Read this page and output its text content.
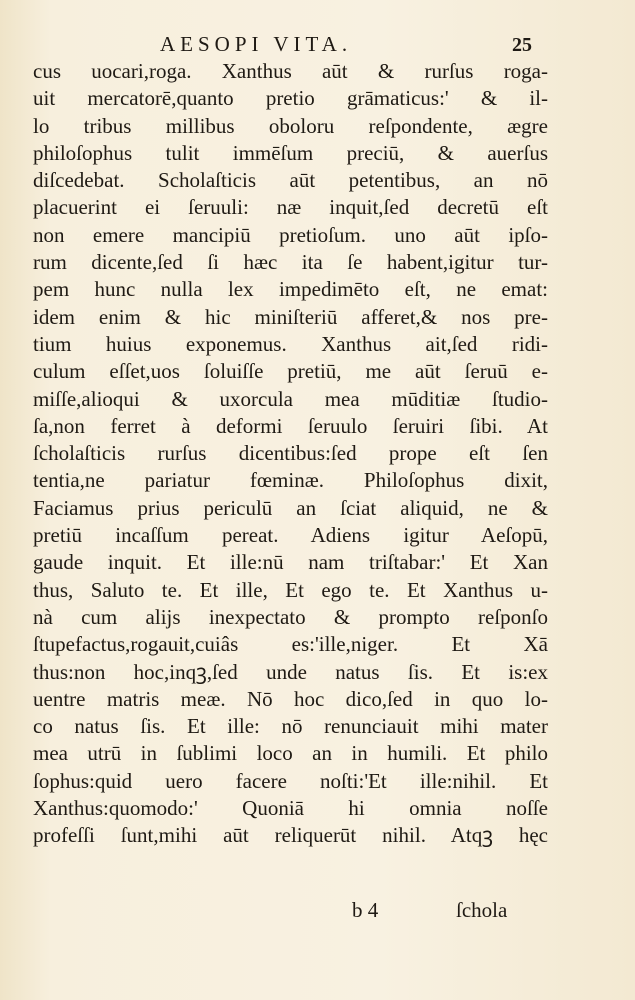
AESOPI VITA.	25
cus uocari,roga. Xanthus aūt & rurſus rogа-
uit mercatorē,quanto pretio grāmaticus:' & il-
lo tribus millibus oboloru reſpondente, ægre
philoſophus tulit immēſum preciū, & auerſus
diſcedebat. Scholaſticis aūt petentibus, an nō
placuerint ei ſeruuli: næ inquit,ſed decretū eſt
non emere mancipiū pretioſum. uno aūt ipſo-
rum dicente,ſed ſi hæc ita ſe habent,igitur tur-
pem hunc nulla lex impedimēto eſt, ne emat:
idem enim & hic miniſteriū afferet,& nos pre-
tium huius exponemus. Xanthus ait,ſed ridi-
culum eſſet,uos ſoluiſſe pretiū, me aūt ſeruū e-
miſſe,alioqui & uxorcula mea mūditiæ ſtudio-
ſa,non ferret à deformi ſeruulo ſeruiri ſibi. At
ſcholaſticis rurſus dicentibus:ſed prope eſt ſen
tentia,ne pariatur fœminæ. Philoſophus dixit,
Faciamus prius periculū an ſciat aliquid, ne &
pretiū incaſſum pereat. Adiens igitur Aeſopū,
gaude inquit. Et ille:nū nam triſtabar:' Et Xan
thus, Saluto te. Et ille, Et ego te. Et Xanthus u-
nà cum alijs inexpectato & prompto reſponſo
ſtupefactus,rogauit,cuiâs es:'ille,niger. Et Xā
thus:non hoc,inqꝫ,ſed unde natus ſis. Et is:ex
uentre matris meæ. Nō hoc dico,ſed in quo lo-
co natus ſis. Et ille: nō renunciauit mihi mater
mea utrū in ſublimi loco an in humili. Et philo
ſophus:quid uero facere noſti:'Et ille:nihil. Et
Xanthus:quomodo:' Quoniā hi omnia noſſe
profeſſi ſunt,mihi aūt reliquerūt nihil. Atqꝫ hęc
b 4	ſchola
